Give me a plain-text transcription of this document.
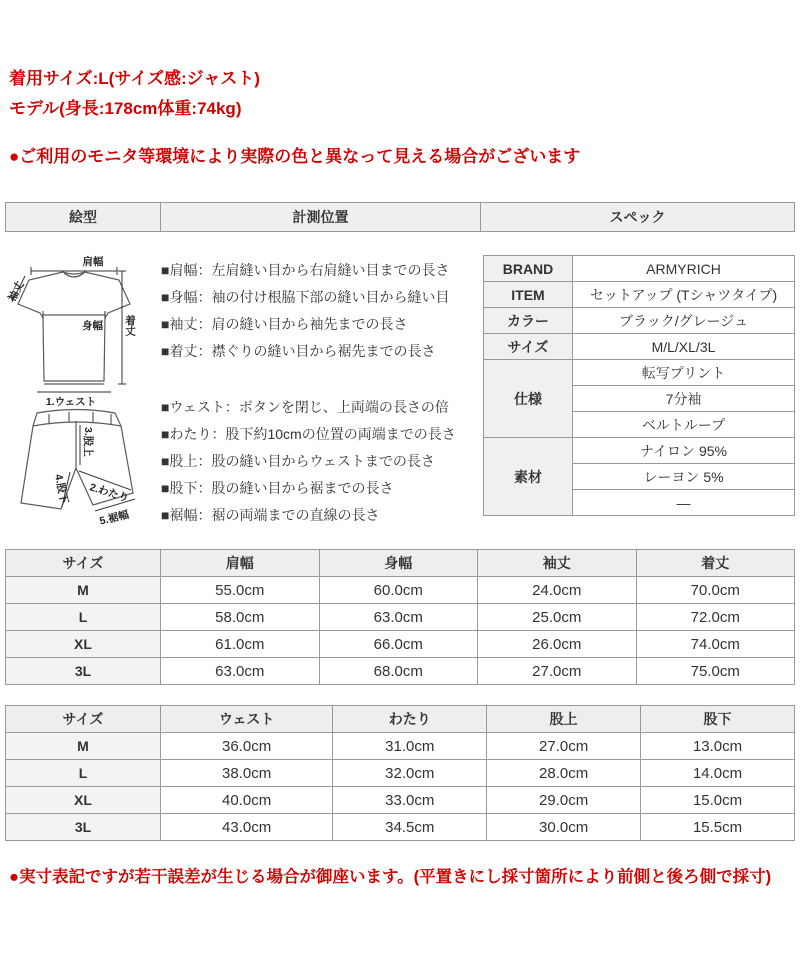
着用サイズ:L(サイズ感:ジャスト)
モデル(身長:178cm体重:74kg)
●ご利用のモニタ等環境により実際の色と異なって見える場合がございます
絵型	計測位置	スペック
肩幅
袖丈
身幅 着丈
1.ウェスト
3.股上
2.わたり
4.股下
5.裾幅
■肩幅：左肩縫い目から右肩縫い目までの長さ
■身幅：袖の付け根脇下部の縫い目から縫い目
■袖丈：肩の縫い目から袖先までの長さ
■着丈：襟ぐりの縫い目から裾先までの長さ
■ウェスト：ボタンを閉じ、上両端の長さの倍
■わたり：股下約10cmの位置の両端までの長さ
■股上：股の縫い目からウェストまでの長さ
■股下：股の縫い目から裾までの長さ
■裾幅：裾の両端までの直線の長さ
BRAND	ARMYRICH
ITEM	セットアップ (Tシャツタイプ)
カラー	ブラック/グレージュ
サイズ	M/L/XL/3L
仕様	転写プリント
	7分袖
	ベルトループ
素材	ナイロン 95%
	レーヨン 5%
	―
サイズ	肩幅	身幅	袖丈	着丈
M	55.0cm	60.0cm	24.0cm	70.0cm
L	58.0cm	63.0cm	25.0cm	72.0cm
XL	61.0cm	66.0cm	26.0cm	74.0cm
3L	63.0cm	68.0cm	27.0cm	75.0cm
サイズ	ウェスト	わたり	股上	股下
M	36.0cm	31.0cm	27.0cm	13.0cm
L	38.0cm	32.0cm	28.0cm	14.0cm
XL	40.0cm	33.0cm	29.0cm	15.0cm
3L	43.0cm	34.5cm	30.0cm	15.5cm
●実寸表記ですが若干誤差が生じる場合が御座います。(平置きにし採寸箇所により前側と後ろ側で採寸)
